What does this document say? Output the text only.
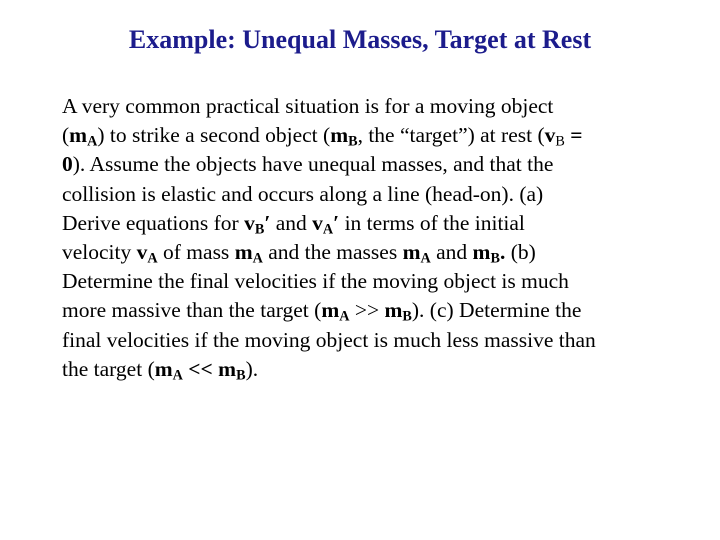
Example: Unequal Masses, Target at Rest
A very common practical situation is for a moving object
$(m_A)$ to strike a second object ($m_B$, the “target”) at rest ($v_B$ =
0). Assume the objects have unequal masses, and that the
collision is elastic and occurs along a line (head-on). (a)
Derive equations for $v_B'$ and $v_A'$ in terms of the initial
velocity $v_A$ of mass $m_A$ and the masses $m_A$ and $m_B$. (b)
Determine the final velocities if the moving object is much
more massive than the target $(m_A >> m_B)$. (c) Determine the
final velocities if the moving object is much less massive than
the target $(m_A << m_B)$.
